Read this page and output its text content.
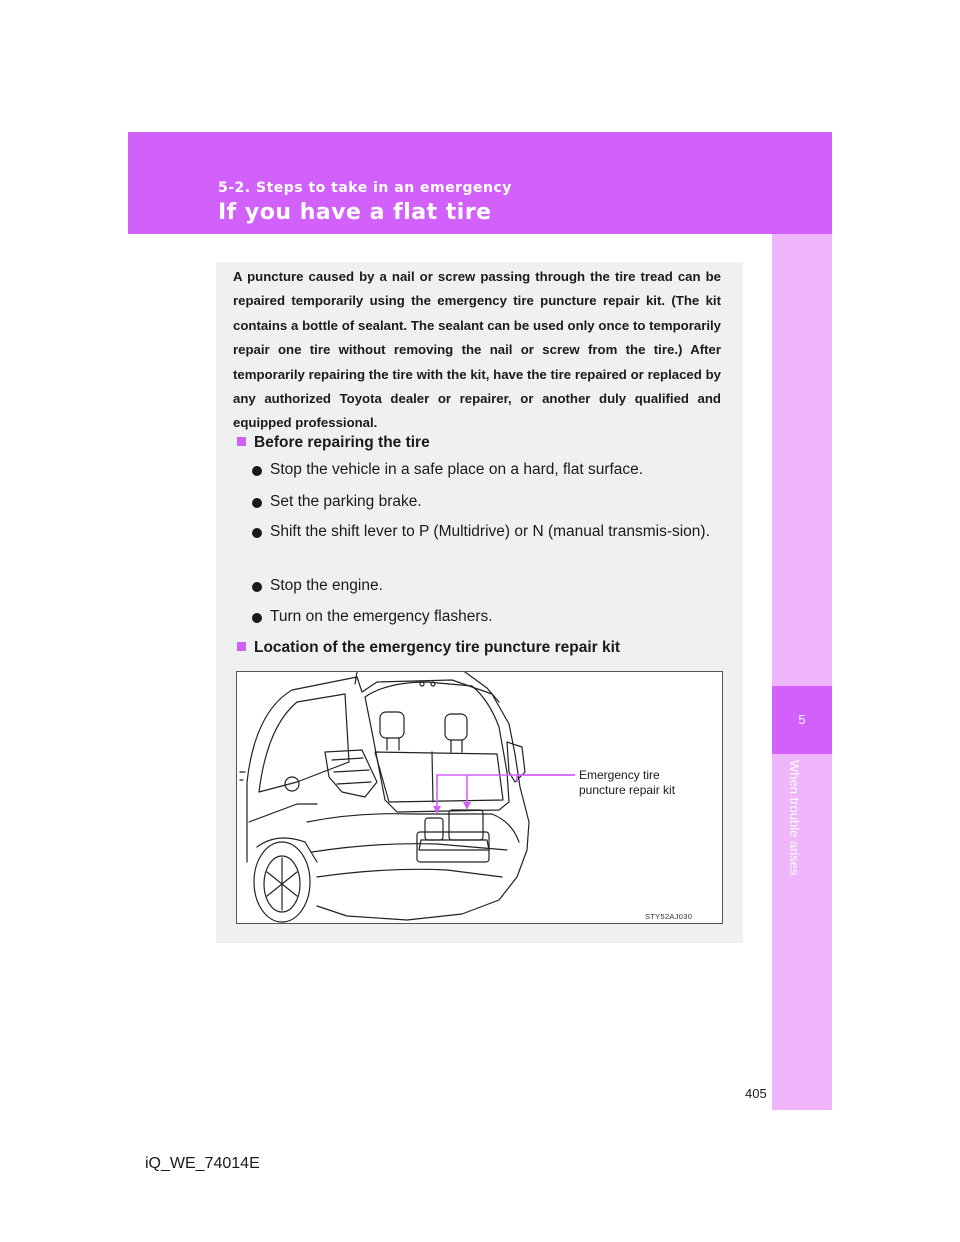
5-2. Steps to take in an emergency
If you have a flat tire
5
When trouble arises
A puncture caused by a nail or screw passing through the tire tread can be repaired temporarily using the emergency tire puncture repair kit. (The kit contains a bottle of sealant. The sealant can be used only once to temporarily repair one tire without removing the nail or screw from the tire.) After temporarily repairing the tire with the kit, have the tire repaired or replaced by any authorized Toyota dealer or repairer, or another duly qualified and equipped professional.
Before repairing the tire
Stop the vehicle in a safe place on a hard, flat surface.
Set the parking brake.
Shift the shift lever to P (Multidrive) or N (manual transmis-sion).
Stop the engine.
Turn on the emergency flashers.
Location of the emergency tire puncture repair kit
Emergency tire
puncture repair kit
STY52AJ030
405
iQ_WE_74014E
